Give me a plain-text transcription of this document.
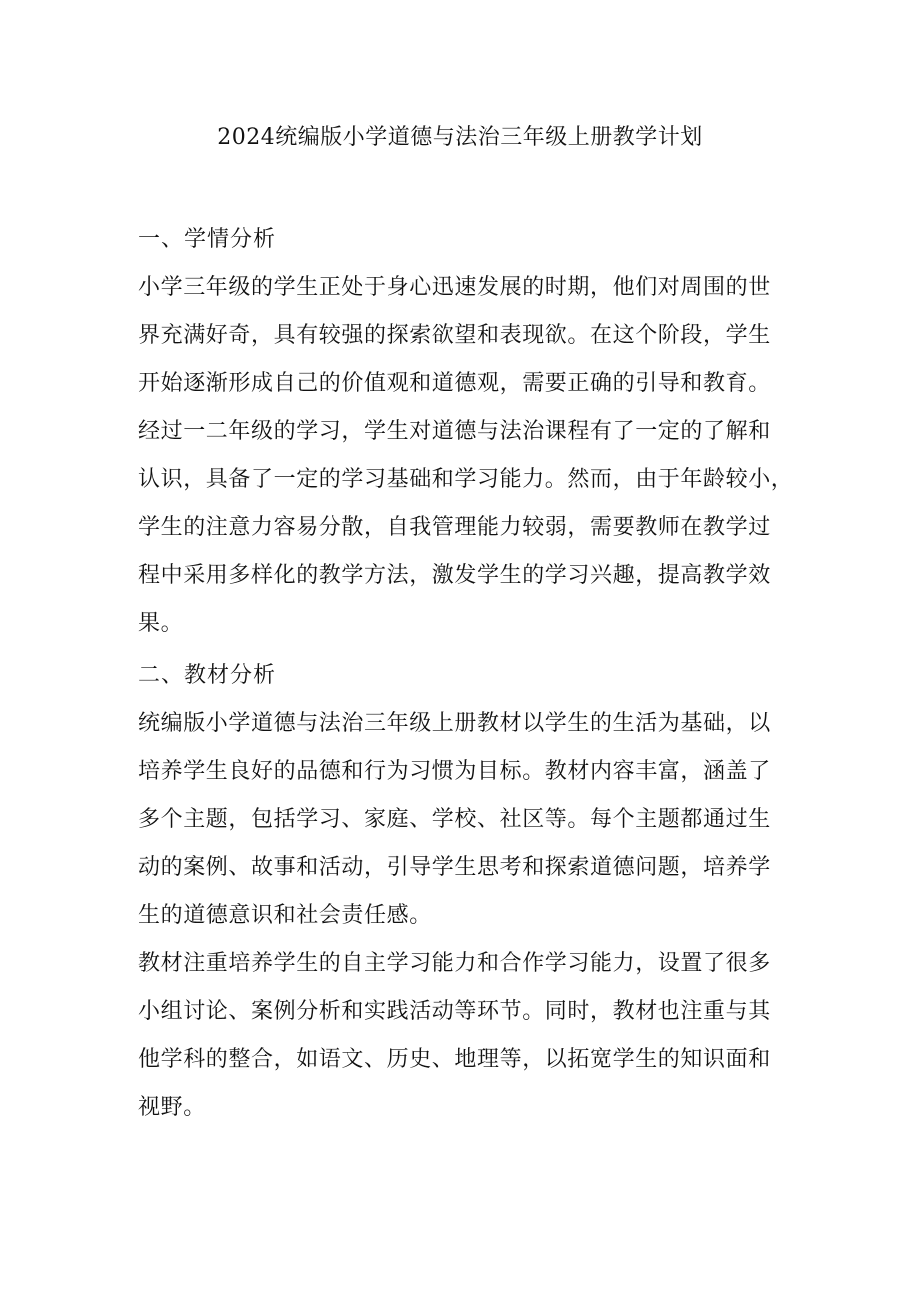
2024统编版小学道德与法治三年级上册教学计划
一、学情分析
小学三年级的学生正处于身心迅速发展的时期，他们对周围的世
界充满好奇，具有较强的探索欲望和表现欲。在这个阶段，学生
开始逐渐形成自己的价值观和道德观，需要正确的引导和教育。
经过一二年级的学习，学生对道德与法治课程有了一定的了解和
认识，具备了一定的学习基础和学习能力。然而，由于年龄较小，
学生的注意力容易分散，自我管理能力较弱，需要教师在教学过
程中采用多样化的教学方法，激发学生的学习兴趣，提高教学效
果。
二、教材分析
统编版小学道德与法治三年级上册教材以学生的生活为基础，以
培养学生良好的品德和行为习惯为目标。教材内容丰富，涵盖了
多个主题，包括学习、家庭、学校、社区等。每个主题都通过生
动的案例、故事和活动，引导学生思考和探索道德问题，培养学
生的道德意识和社会责任感。
教材注重培养学生的自主学习能力和合作学习能力，设置了很多
小组讨论、案例分析和实践活动等环节。同时，教材也注重与其
他学科的整合，如语文、历史、地理等，以拓宽学生的知识面和
视野。
